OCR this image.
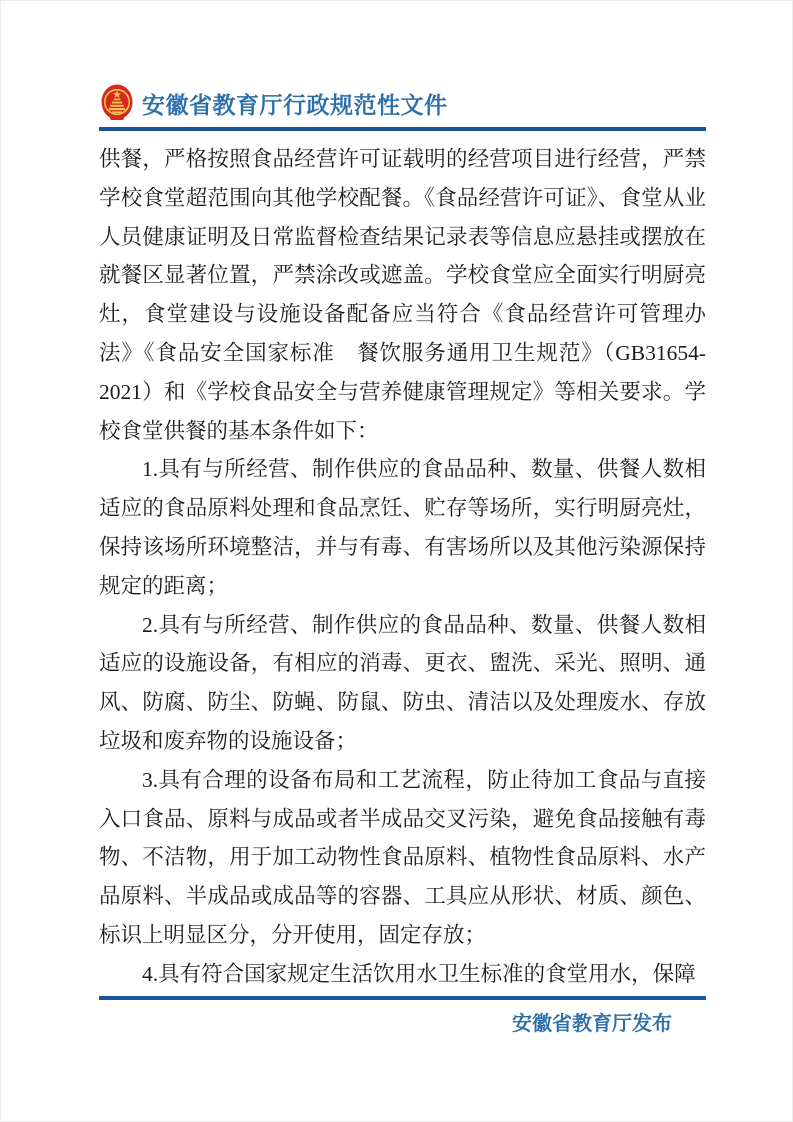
安徽省教育厅行政规范性文件

供餐，严格按照食品经营许可证载明的经营项目进行经营，严禁学校食堂超范围向其他学校配餐。《食品经营许可证》、食堂从业人员健康证明及日常监督检查结果记录表等信息应悬挂或摆放在就餐区显著位置，严禁涂改或遮盖。学校食堂应全面实行明厨亮灶，食堂建设与设施设备配备应当符合《食品经营许可管理办法》《食品安全国家标准　餐饮服务通用卫生规范》（GB31654-2021）和《学校食品安全与营养健康管理规定》等相关要求。学校食堂供餐的基本条件如下：

1.具有与所经营、制作供应的食品品种、数量、供餐人数相适应的食品原料处理和食品烹饪、贮存等场所，实行明厨亮灶，保持该场所环境整洁，并与有毒、有害场所以及其他污染源保持规定的距离；

2.具有与所经营、制作供应的食品品种、数量、供餐人数相适应的设施设备，有相应的消毒、更衣、盥洗、采光、照明、通风、防腐、防尘、防蝇、防鼠、防虫、清洁以及处理废水、存放垃圾和废弃物的设施设备；

3.具有合理的设备布局和工艺流程，防止待加工食品与直接入口食品、原料与成品或者半成品交叉污染，避免食品接触有毒物、不洁物，用于加工动物性食品原料、植物性食品原料、水产品原料、半成品或成品等的容器、工具应从形状、材质、颜色、标识上明显区分，分开使用，固定存放；

4.具有符合国家规定生活饮用水卫生标准的食堂用水，保障

安徽省教育厅发布
